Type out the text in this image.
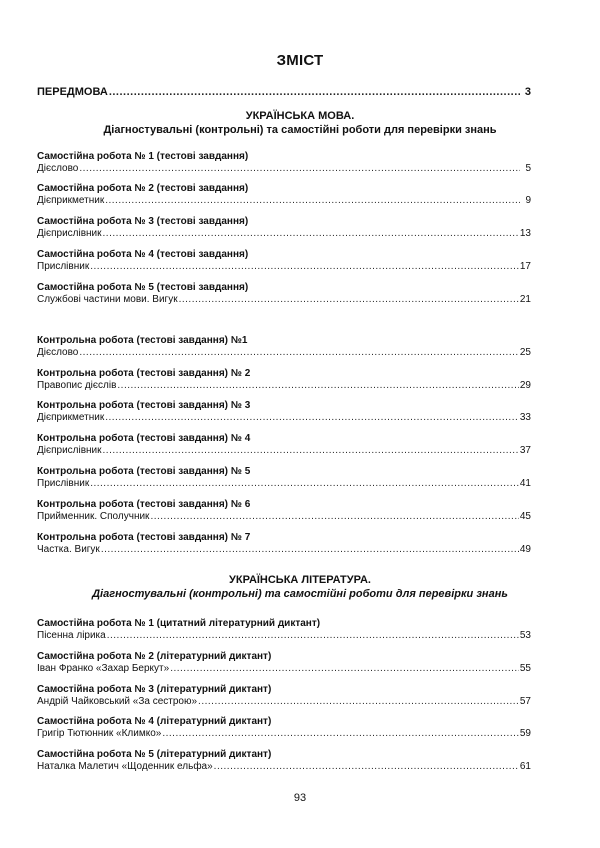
ЗМІСТ
ПЕРЕДМОВА .....	3
УКРАЇНСЬКА МОВА.
Діагностувальні (контрольні) та самостійні роботи для перевірки знань
Самостійна робота № 1 (тестові завдання)
Дієслово .....	5
Самостійна робота № 2 (тестові завдання)
Дієприкметник .....	9
Самостійна робота № 3 (тестові завдання)
Дієприслівник .....	13
Самостійна робота № 4 (тестові завдання)
Прислівник .....	17
Самостійна робота № 5 (тестові завдання)
Службові частини мови. Вигук .....	21
Контрольна робота (тестові завдання) №1
Дієслово .....	25
Контрольна робота (тестові завдання) № 2
Правопис дієслів .....	29
Контрольна робота (тестові завдання) № 3
Дієприкметник .....	33
Контрольна робота (тестові завдання) № 4
Дієприслівник .....	37
Контрольна робота (тестові завдання) № 5
Прислівник .....	41
Контрольна робота (тестові завдання) № 6
Прийменник. Сполучник .....	45
Контрольна робота (тестові завдання) № 7
Частка. Вигук .....	49
УКРАЇНСЬКА ЛІТЕРАТУРА.
Діагностувальні (контрольні) та самостійні роботи для перевірки знань
Самостійна робота № 1 (цитатний літературний диктант)
Пісенна лірика .....	53
Самостійна робота № 2 (літературний диктант)
Іван Франко «Захар Беркут» .....	55
Самостійна робота № 3 (літературний диктант)
Андрій Чайковський «За сестрою» .....	57
Самостійна робота № 4 (літературний диктант)
Григір Тютюнник «Климко» .....	59
Самостійна робота № 5 (літературний диктант)
Наталка Малетич «Щоденник ельфа» .....	61
93
